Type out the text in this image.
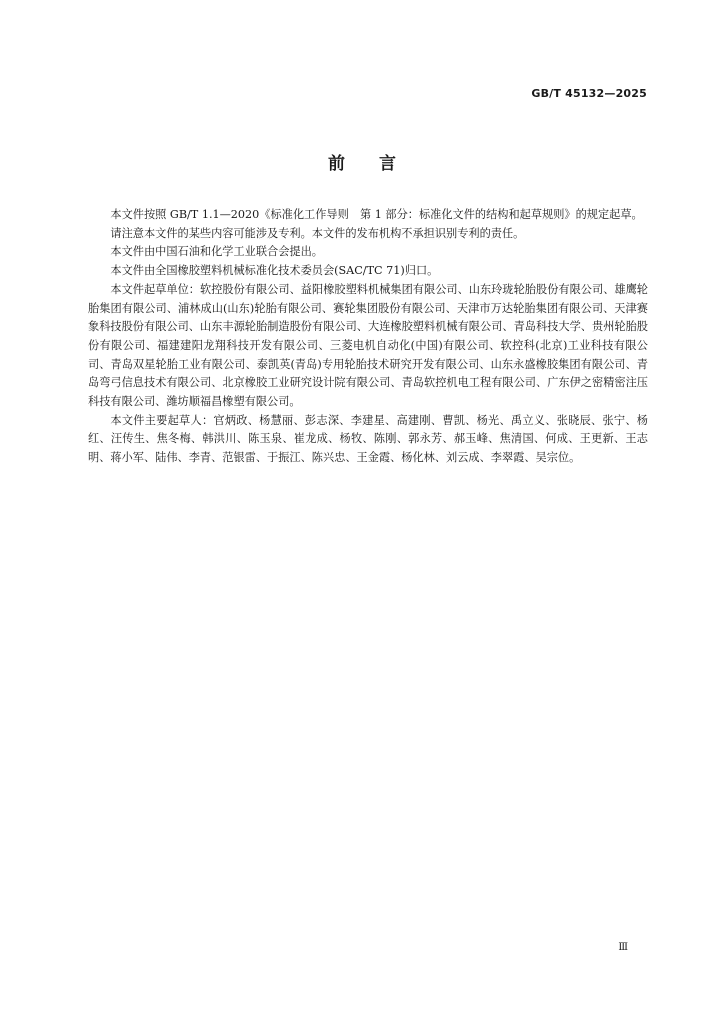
GB/T 45132—2025
前言

本文件按照 GB/T 1.1—2020《标准化工作导则　第 1 部分：标准化文件的结构和起草规则》的规定起草。

请注意本文件的某些内容可能涉及专利。本文件的发布机构不承担识别专利的责任。

本文件由中国石油和化学工业联合会提出。

本文件由全国橡胶塑料机械标准化技术委员会(SAC/TC 71)归口。

本文件起草单位：软控股份有限公司、益阳橡胶塑料机械集团有限公司、山东玲珑轮胎股份有限公司、雄鹰轮胎集团有限公司、浦林成山(山东)轮胎有限公司、赛轮集团股份有限公司、天津市万达轮胎集团有限公司、天津赛象科技股份有限公司、山东丰源轮胎制造股份有限公司、大连橡胶塑料机械有限公司、青岛科技大学、贵州轮胎股份有限公司、福建建阳龙翔科技开发有限公司、三菱电机自动化(中国)有限公司、软控科(北京)工业科技有限公司、青岛双星轮胎工业有限公司、泰凯英(青岛)专用轮胎技术研究开发有限公司、山东永盛橡胶集团有限公司、青岛弯弓信息技术有限公司、北京橡胶工业研究设计院有限公司、青岛软控机电工程有限公司、广东伊之密精密注压科技有限公司、潍坊顺福昌橡塑有限公司。

本文件主要起草人：官炳政、杨慧丽、彭志深、李建星、高建刚、曹凯、杨光、禹立义、张晓辰、张宁、杨红、汪传生、焦冬梅、韩洪川、陈玉泉、崔龙成、杨牧、陈刚、郭永芳、郝玉峰、焦清国、何成、王更新、王志明、蒋小军、陆伟、李青、范银雷、于振江、陈兴忠、王金霞、杨化林、刘云成、李翠霞、吴宗位。

Ⅲ
